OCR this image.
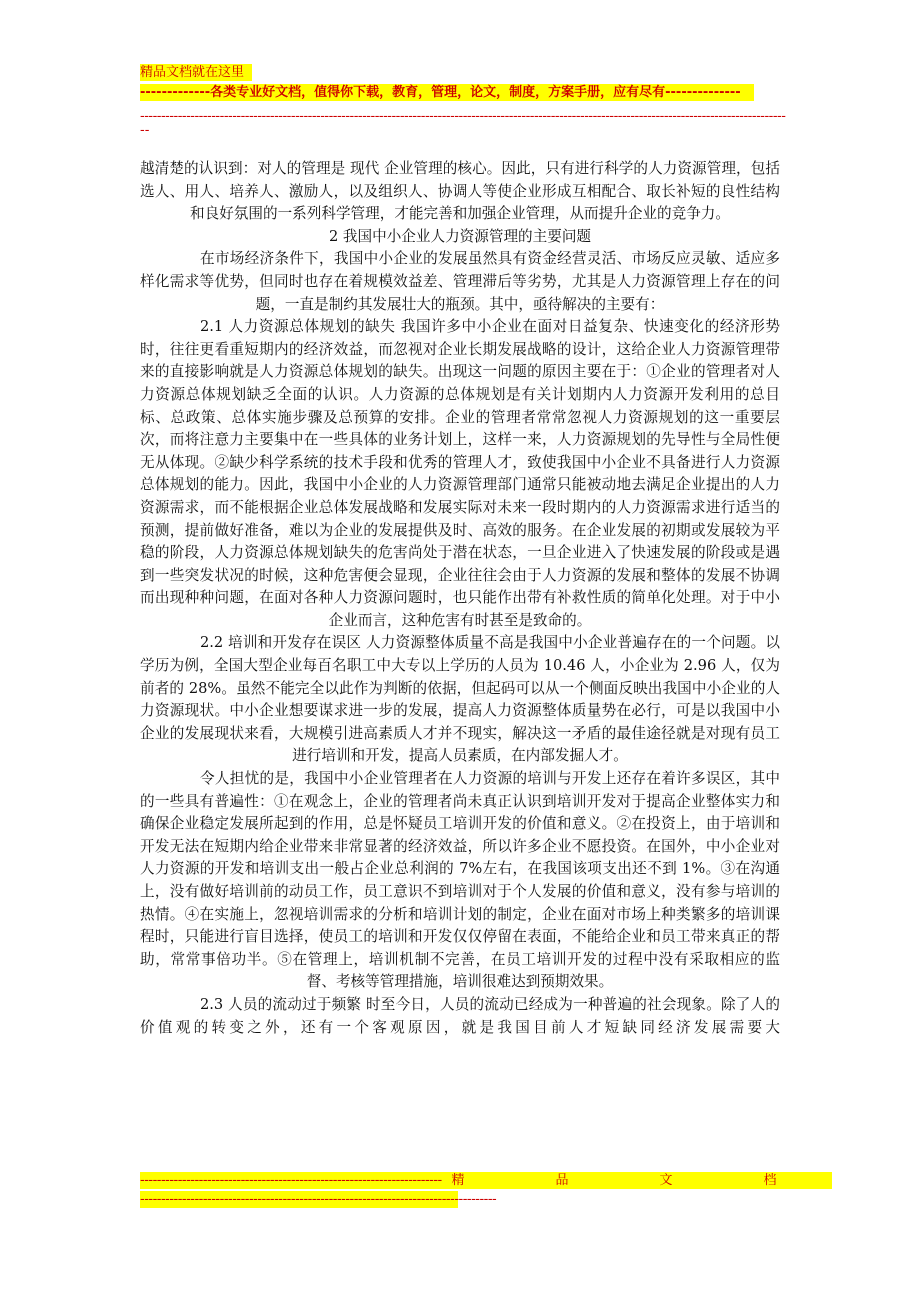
精品文档就在这里
-------------各类专业好文档，值得你下载，教育，管理，论文，制度，方案手册，应有尽有--------------
----------------------------------------------------------------------------------------------------------------------------------------------------------
--

越清楚的认识到：对人的管理是 现代 企业管理的核心。因此，只有进行科学的人力资源管理，包括选人、用人、培养人、激励人，以及组织人、协调人等使企业形成互相配合、取长补短的良性结构和良好氛围的一系列科学管理，才能完善和加强企业管理，从而提升企业的竞争力。

2 我国中小企业人力资源管理的主要问题

在市场经济条件下，我国中小企业的发展虽然具有资金经营灵活、市场反应灵敏、适应多样化需求等优势，但同时也存在着规模效益差、管理滞后等劣势，尤其是人力资源管理上存在的问题，一直是制约其发展壮大的瓶颈。其中，亟待解决的主要有：

2.1 人力资源总体规划的缺失 我国许多中小企业在面对日益复杂、快速变化的经济形势时，往往更看重短期内的经济效益，而忽视对企业长期发展战略的设计，这给企业人力资源管理带来的直接影响就是人力资源总体规划的缺失。出现这一问题的原因主要在于：①企业的管理者对人力资源总体规划缺乏全面的认识。人力资源的总体规划是有关计划期内人力资源开发利用的总目标、总政策、总体实施步骤及总预算的安排。企业的管理者常常忽视人力资源规划的这一重要层次，而将注意力主要集中在一些具体的业务计划上，这样一来，人力资源规划的先导性与全局性便无从体现。②缺少科学系统的技术手段和优秀的管理人才，致使我国中小企业不具备进行人力资源总体规划的能力。因此，我国中小企业的人力资源管理部门通常只能被动地去满足企业提出的人力资源需求，而不能根据企业总体发展战略和发展实际对未来一段时期内的人力资源需求进行适当的预测，提前做好准备，难以为企业的发展提供及时、高效的服务。在企业发展的初期或发展较为平稳的阶段，人力资源总体规划缺失的危害尚处于潜在状态，一旦企业进入了快速发展的阶段或是遇到一些突发状况的时候，这种危害便会显现，企业往往会由于人力资源的发展和整体的发展不协调而出现种种问题，在面对各种人力资源问题时，也只能作出带有补救性质的简单化处理。对于中小企业而言，这种危害有时甚至是致命的。

2.2 培训和开发存在误区 人力资源整体质量不高是我国中小企业普遍存在的一个问题。以学历为例，全国大型企业每百名职工中大专以上学历的人员为 10.46 人，小企业为 2.96 人，仅为前者的 28%。虽然不能完全以此作为判断的依据，但起码可以从一个侧面反映出我国中小企业的人力资源现状。中小企业想要谋求进一步的发展，提高人力资源整体质量势在必行，可是以我国中小企业的发展现状来看，大规模引进高素质人才并不现实，解决这一矛盾的最佳途径就是对现有员工进行培训和开发，提高人员素质，在内部发掘人才。

令人担忧的是，我国中小企业管理者在人力资源的培训与开发上还存在着许多误区，其中的一些具有普遍性：①在观念上，企业的管理者尚未真正认识到培训开发对于提高企业整体实力和确保企业稳定发展所起到的作用，总是怀疑员工培训开发的价值和意义。②在投资上，由于培训和开发无法在短期内给企业带来非常显著的经济效益，所以许多企业不愿投资。在国外，中小企业对人力资源的开发和培训支出一般占企业总利润的 7%左右，在我国该项支出还不到 1%。③在沟通上，没有做好培训前的动员工作，员工意识不到培训对于个人发展的价值和意义，没有参与培训的热情。④在实施上，忽视培训需求的分析和培训计划的制定，企业在面对市场上种类繁多的培训课程时，只能进行盲目选择，使员工的培训和开发仅仅停留在表面，不能给企业和员工带来真正的帮助，常常事倍功半。⑤在管理上，培训机制不完善，在员工培训开发的过程中没有采取相应的监督、考核等管理措施，培训很难达到预期效果。

2.3 人员的流动过于频繁 时至今日，人员的流动已经成为一种普遍的社会现象。除了人的价值观的转变之外，还有一个客观原因，就是我国目前人才短缺同经济发展需要大

------------------------------------------------------------------------ 精	品	文	档
-------------------------------------------------------------------------------------
